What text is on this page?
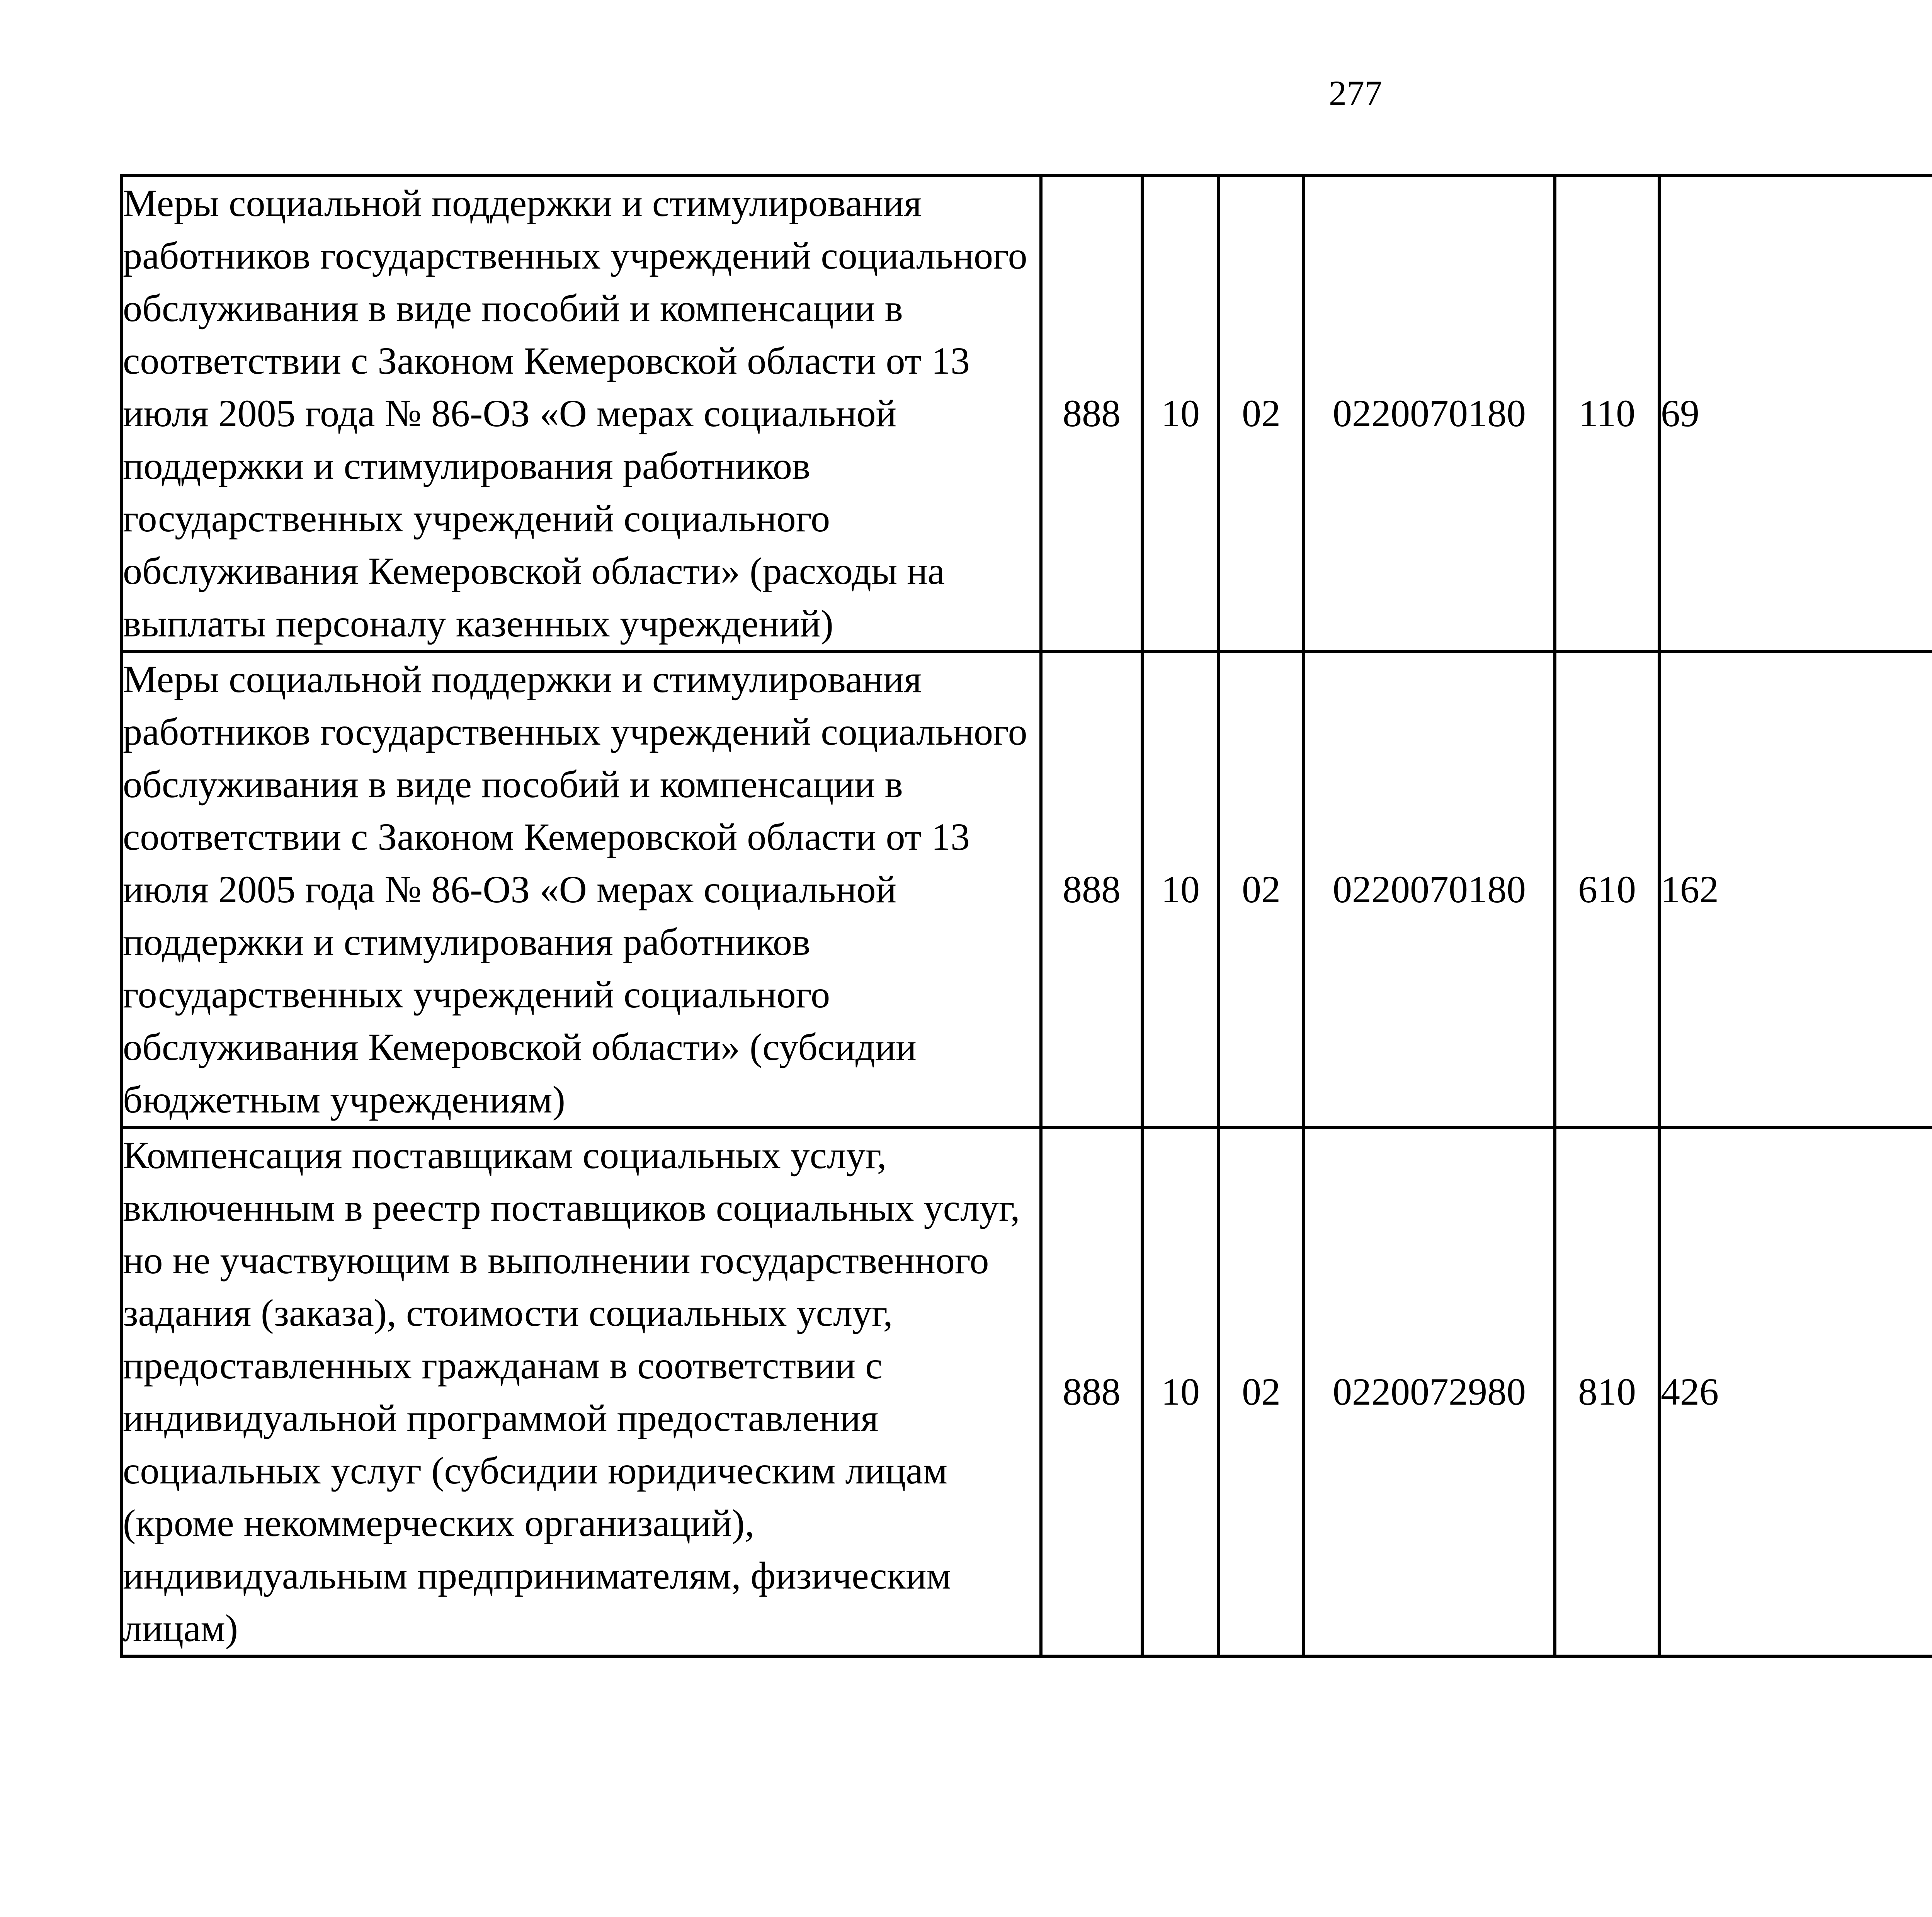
277
Меры социальной поддержки и стимулирования работников государственных учреждений социального обслуживания в виде пособий и компенсации в соответствии с Законом Кемеровской области от 13 июля 2005 года № 86-ОЗ «О мерах социальной поддержки и стимулирования работников государственных учреждений социального обслуживания Кемеровской области» (расходы на выплаты персоналу казенных учреждений)	888	10	02	0220070180	110	69		
Меры социальной поддержки и стимулирования работников государственных учреждений социального обслуживания в виде пособий и компенсации в соответствии с Законом Кемеровской области от 13 июля 2005 года № 86-ОЗ «О мерах социальной поддержки и стимулирования работников государственных учреждений социального обслуживания Кемеровской области» (субсидии бюджетным учреждениям)	888	10	02	0220070180	610	162		
Компенсация поставщикам социальных услуг, включенным в реестр поставщиков социальных услуг, но не участвующим в выполнении государственного задания (заказа), стоимости социальных услуг, предоставленных гражданам в соответствии с индивидуальной программой предоставления социальных услуг (субсидии юридическим лицам (кроме некоммерческих организаций), индивидуальным предпринимателям, физическим лицам)	888	10	02	0220072980	810	426		
